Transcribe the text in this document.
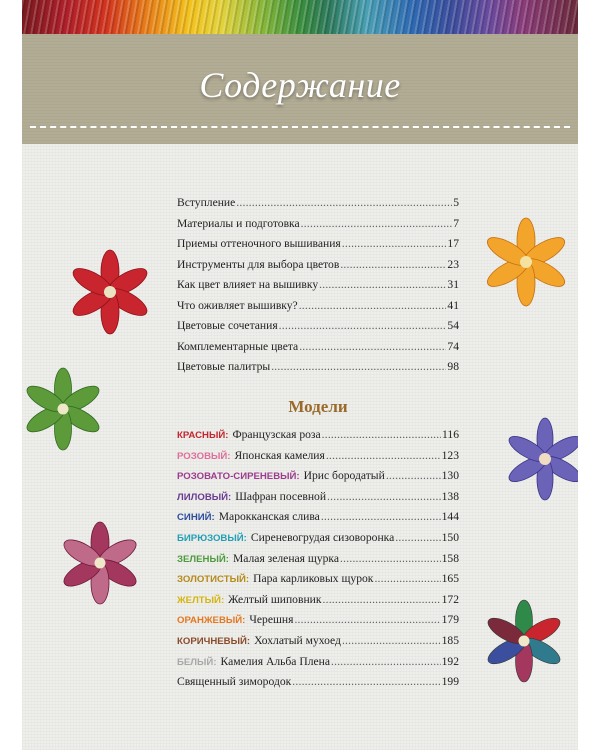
Содержание
Вступление .....	5
Материалы и подготовка .....	7
Приемы оттеночного вышивания .....	17
Инструменты для выбора цветов .....	23
Как цвет влияет на вышивку .....	31
Что оживляет вышивку? .....	41
Цветовые сочетания .....	54
Комплементарные цвета .....	74
Цветовые палитры .....	98
Модели
КРАСНЫЙ: Французская роза .....	116
РОЗОВЫЙ: Японская камелия .....	123
РОЗОВАТО-СИРЕНЕВЫЙ: Ирис бородатый .....	130
ЛИЛОВЫЙ: Шафран посевной .....	138
СИНИЙ: Марокканская слива .....	144
БИРЮЗОВЫЙ: Сиреневогрудая сизоворонка .....	150
ЗЕЛЕНЫЙ: Малая зеленая щурка .....	158
ЗОЛОТИСТЫЙ: Пара карликовых щурок .....	165
ЖЕЛТЫЙ: Желтый шиповник .....	172
ОРАНЖЕВЫЙ: Черешня .....	179
КОРИЧНЕВЫЙ: Хохлатый мухоед .....	185
БЕЛЫЙ: Камелия Альба Плена .....	192
Священный зимородок .....	199
